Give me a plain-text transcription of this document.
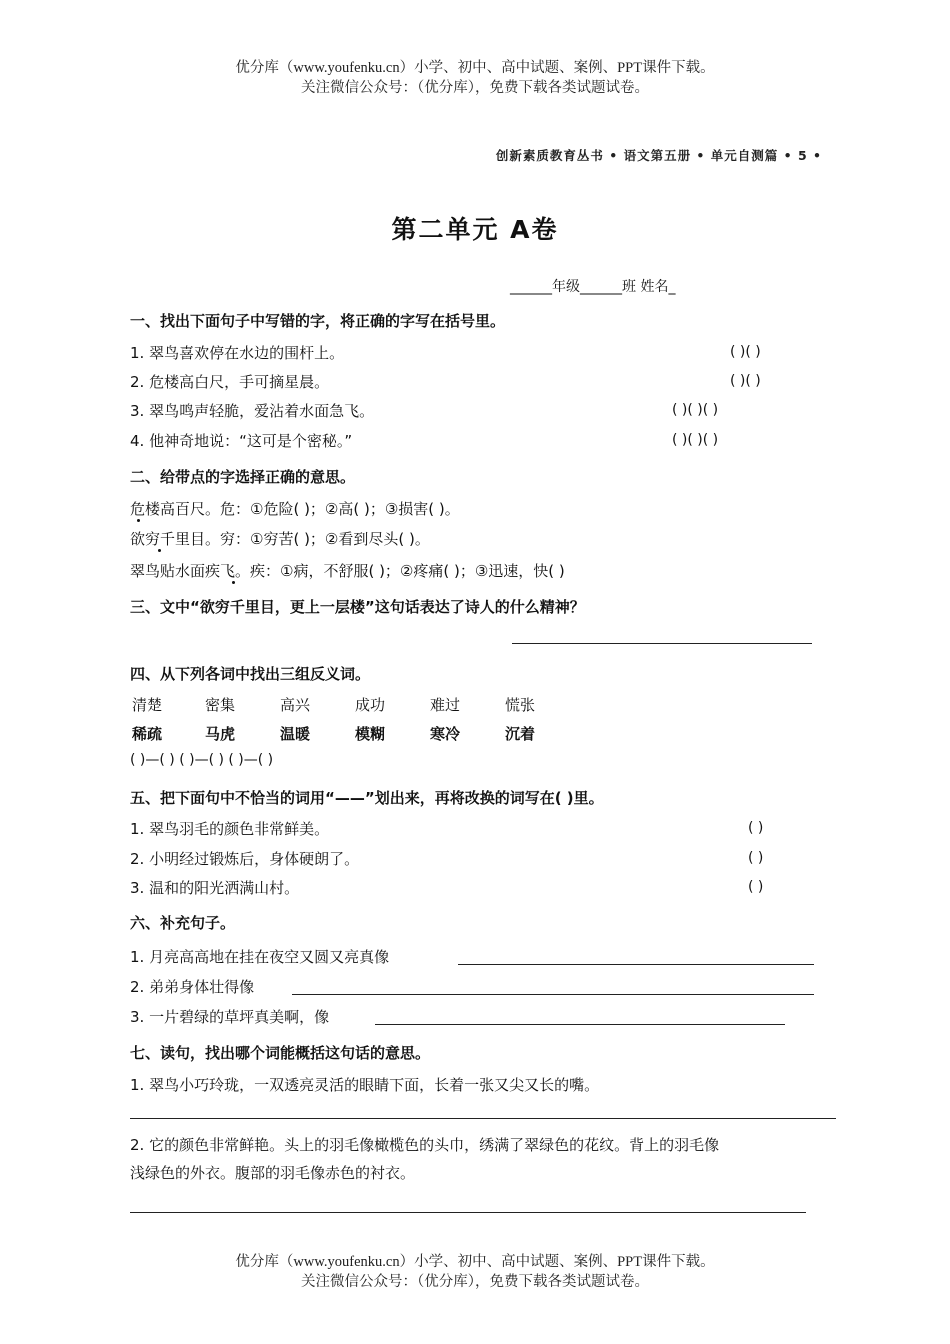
优分库（www.youfenku.cn）小学、初中、高中试题、案例、PPT课件下载。
关注微信公众号：（优分库），免费下载各类试题试卷。
创新素质教育丛书 • 语文第五册 • 单元自测篇 • 5 •
第二单元 A卷
______年级______班 姓名_
一、找出下面句子中写错的字，将正确的字写在括号里。
1. 翠鸟喜欢停在水边的围杆上。	( )( )
2. 危楼高白尺，手可摘星晨。	( )( )
3. 翠鸟鸣声轻脆，爱沾着水面急飞。	( )( )( )
4. 他神奇地说：“这可是个密秘。”	( )( )( )
二、给带点的字选择正确的意思。
危楼高百尺。危：①危险( )；②高( )；③损害( )。
欲穷千里目。穷：①穷苦( )；②看到尽头( )。
翠鸟贴水面疾飞。疾：①病，不舒服( )；②疼痛( )；③迅速，快( )
三、文中“欲穷千里目，更上一层楼”这句话表达了诗人的什么精神？
四、从下列各词中找出三组反义词。
清楚	密集	高兴	成功	难过	慌张
稀疏	马虎	温暖	模糊	寒冷	沉着
( )—( ) ( )—( ) ( )—( )
五、把下面句中不恰当的词用“——”划出来，再将改换的词写在( )里。
1. 翠鸟羽毛的颜色非常鲜美。	( )
2. 小明经过锻炼后，身体硬朗了。	( )
3. 温和的阳光洒满山村。	( )
六、补充句子。
1. 月亮高高地在挂在夜空又圆又亮真像
2. 弟弟身体壮得像
3. 一片碧绿的草坪真美啊，像
七、读句，找出哪个词能概括这句话的意思。
1. 翠鸟小巧玲珑，一双透亮灵活的眼睛下面，长着一张又尖又长的嘴。
2. 它的颜色非常鲜艳。头上的羽毛像橄榄色的头巾，绣满了翠绿色的花纹。背上的羽毛像
浅绿色的外衣。腹部的羽毛像赤色的衬衣。
优分库（www.youfenku.cn）小学、初中、高中试题、案例、PPT课件下载。
关注微信公众号：（优分库），免费下载各类试题试卷。
